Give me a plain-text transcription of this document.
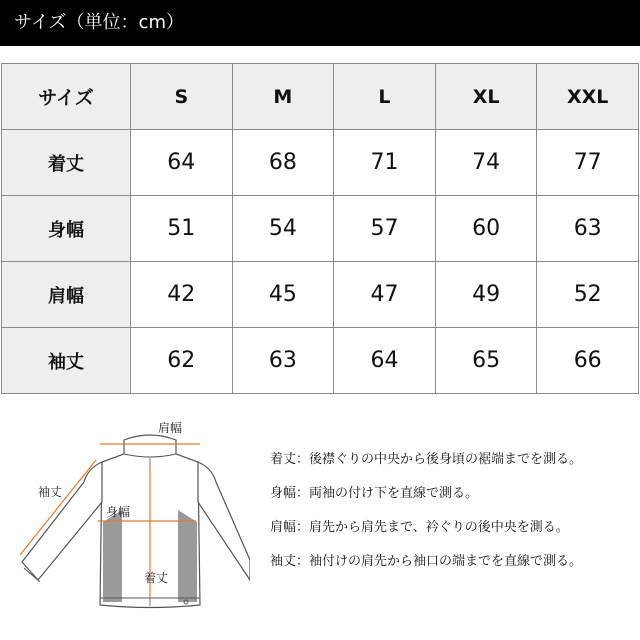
サイズ（単位：cm）
サイズ	S	M	L	XL	XXL
着丈	64	68	71	74	77
身幅	51	54	57	60	63
肩幅	42	45	47	49	52
袖丈	62	63	64	65	66
肩幅
袖丈
身幅
着丈
着丈：後襟ぐりの中央から後身頃の裾端までを測る。
身幅：両袖の付け下を直線で測る。
肩幅：肩先から肩先まで、衿ぐりの後中央を測る。
袖丈：袖付けの肩先から袖口の端までを直線で測る。
